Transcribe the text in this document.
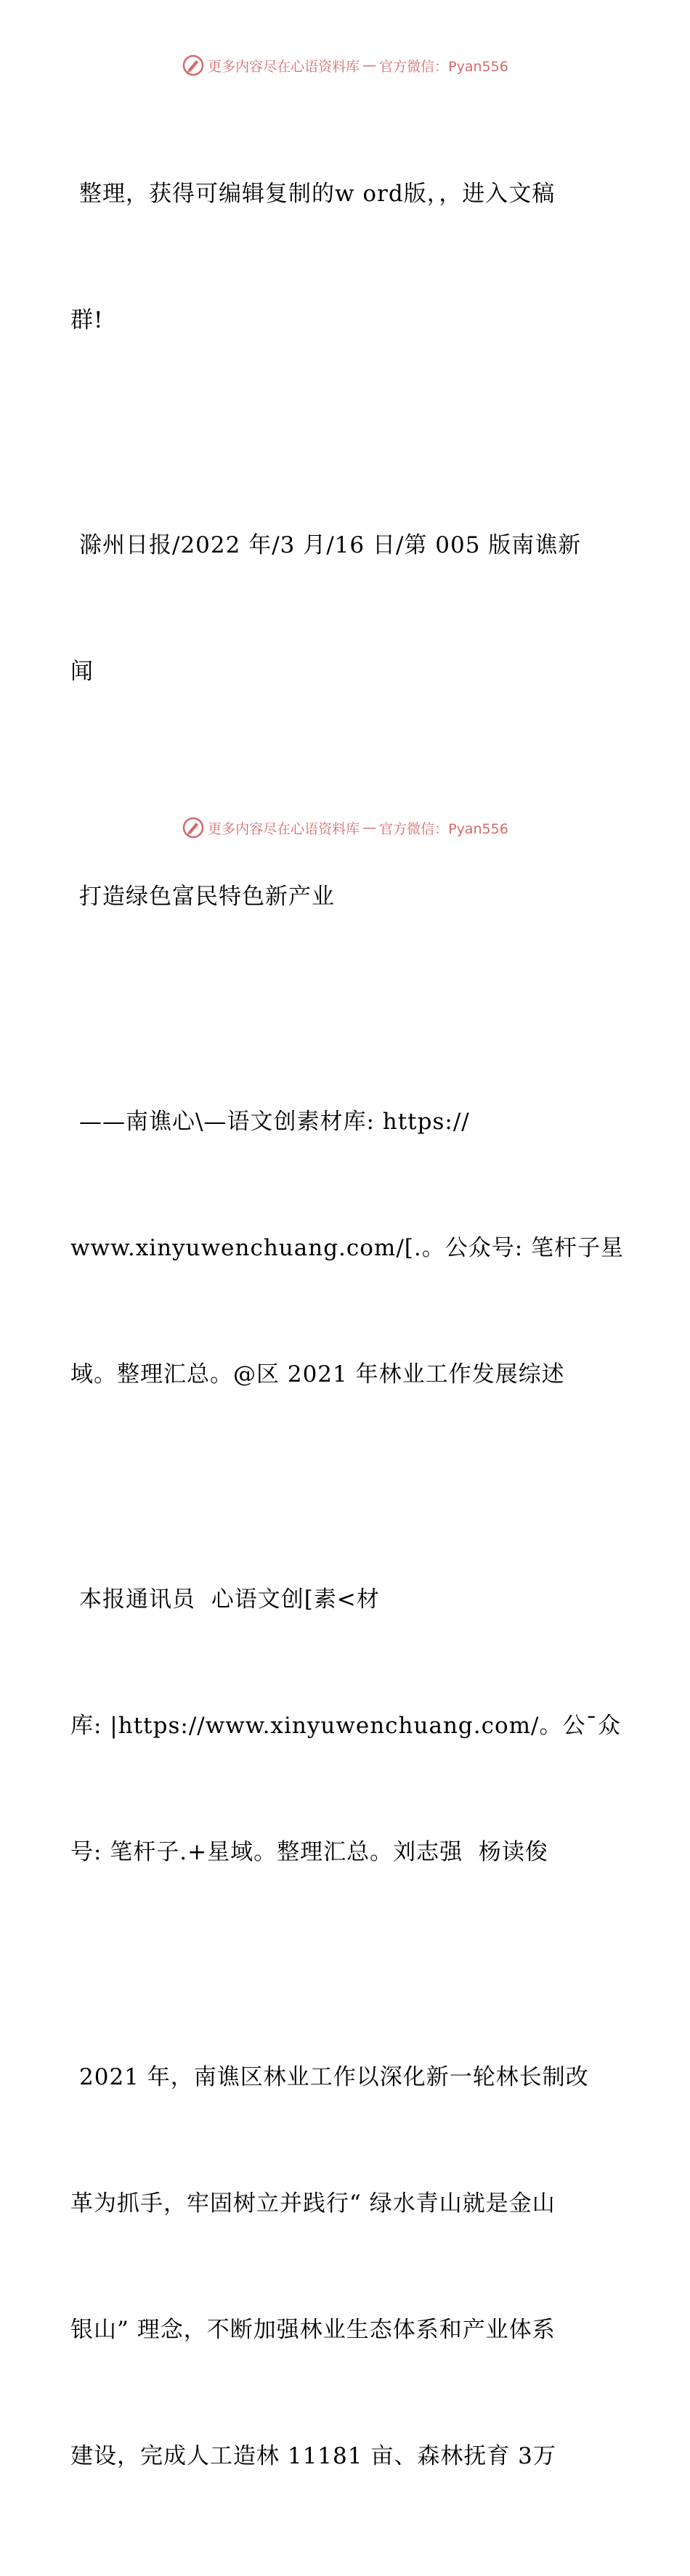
更多内容尽在心语资料库 — 官方微信：Pyan556

整理，获得可编辑复制的w ord版，，进入文稿

群!

滁州日报/2022 年/3 月/16 日/第 005 版南谯新

闻

打造绿色富民特色新产业

——南谯心\—语文创素材库: https://

www.xinyuwenchuang.com/[.。公众号: 笔杆子星

域。整理汇总。@区 2021 年林业工作发展综述

本报通讯员  心语文创[素<材

库: |https://www.xinyuwenchuang.com/。公¯众

号: 笔杆子.+星域。整理汇总。刘志强  杨读俊

2021 年，南谯区林业工作以深化新一轮林长制改

革为抓手，牢固树立并践行“ 绿水青山就是金山

银山” 理念，不断加强林业生态体系和产业体系

建设，完成人工造林 11181 亩、森林抚育 3万

更多内容尽在心语资料库 — 官方微信：Pyan556
